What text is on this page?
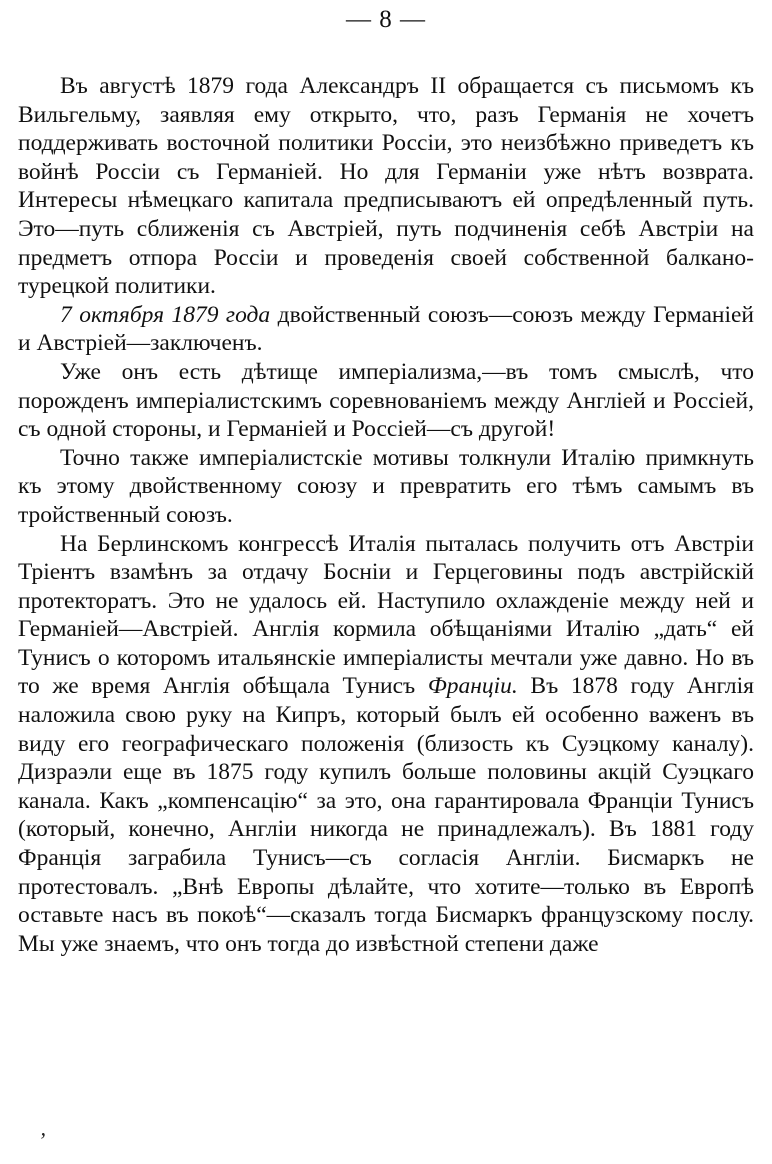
— 8 —

Въ августѣ 1879 года Александръ II обращается съ письмомъ къ Вильгельму, заявляя ему открыто, что, разъ Германія не хочетъ поддерживать восточной политики Россіи, это неизбѣжно приведетъ къ войнѣ Россіи съ Германіей. Но для Германіи уже нѣтъ возврата. Интересы нѣмецкаго капитала предписываютъ ей опредѣленный путь. Это—путь сближенія съ Австріей, путь подчиненія себѣ Австріи на предметъ отпора Россіи и проведенія своей собственной балкано-турецкой политики.

7 октября 1879 года двойственный союзъ—союзъ между Германіей и Австріей—заключенъ.

Уже онъ есть дѣтище имперіализма,—въ томъ смыслѣ, что порожденъ имперіалистскимъ соревнованіемъ между Англіей и Россіей, съ одной стороны, и Германіей и Россіей—съ другой!

Точно также имперіалистскіе мотивы толкнули Италію примкнуть къ этому двойственному союзу и превратить его тѣмъ самымъ въ тройственный союзъ.

На Берлинскомъ конгрессѣ Италія пыталась получить отъ Австріи Тріентъ взамѣнъ за отдачу Босніи и Герцеговины подъ австрійскій протекторатъ. Это не удалось ей. Наступило охлажденіе между ней и Германіей—Австріей. Англія кормила обѣщаніями Италію „дать“ ей Тунисъ о которомъ итальянскіе имперіалисты мечтали уже давно. Но въ то же время Англія обѣщала Тунисъ Франціи. Въ 1878 году Англія наложила свою руку на Кипръ, который былъ ей особенно важенъ въ виду его географическаго положенія (близость къ Суэцкому каналу). Дизраэли еще въ 1875 году купилъ больше половины акцій Суэцкаго канала. Какъ „компенсацію“ за это, она гарантировала Франціи Тунисъ (который, конечно, Англіи никогда не принадлежалъ). Въ 1881 году Франція заграбила Тунисъ—съ согласія Англіи. Бисмаркъ не протестовалъ. „Внѣ Европы дѣлайте, что хотите—только въ Европѣ оставьте насъ въ покоѣ“—сказалъ тогда Бисмаркъ французскому послу. Мы уже знаемъ, что онъ тогда до извѣстной степени даже

ʼ
